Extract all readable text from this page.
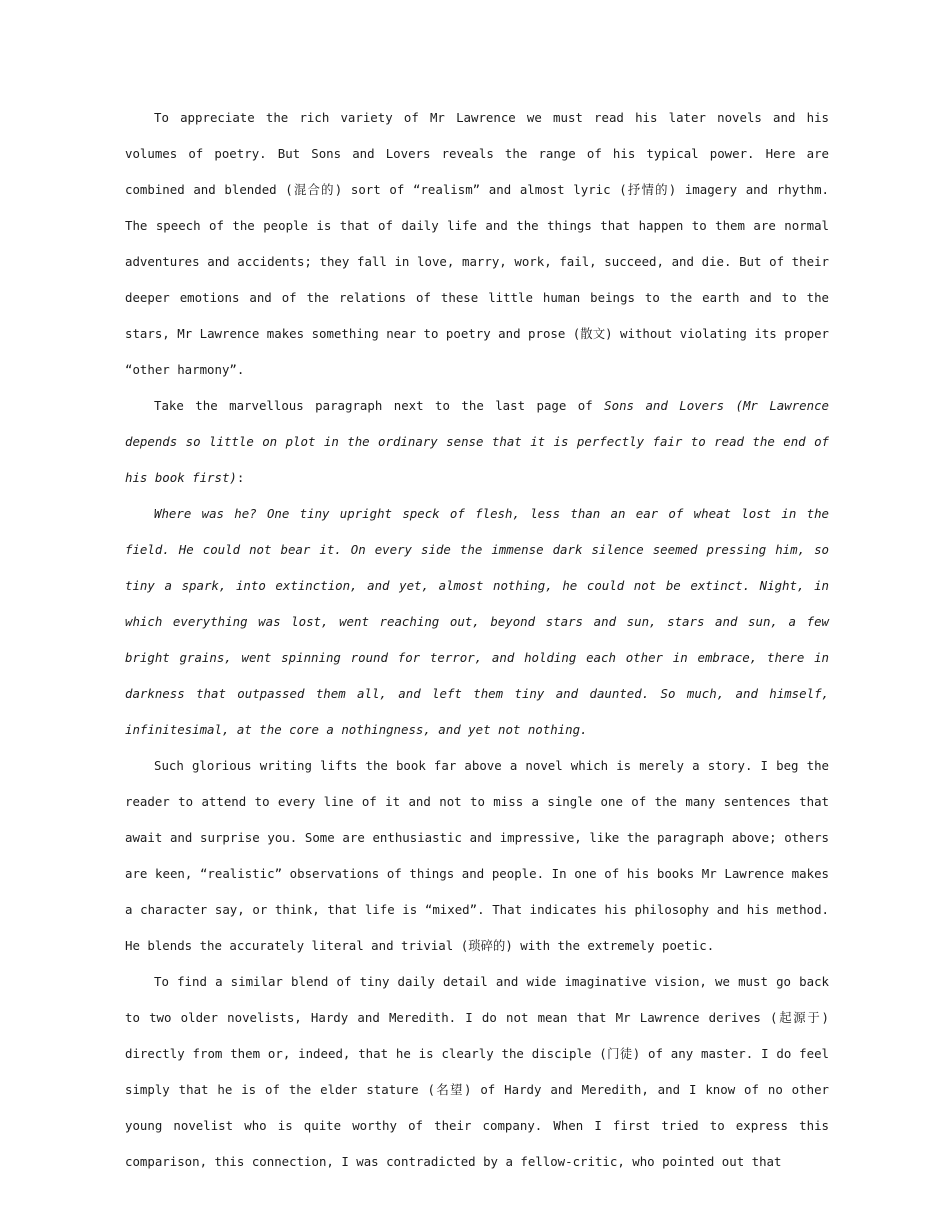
To appreciate the rich variety of Mr Lawrence we must read his later novels and his volumes of poetry. But Sons and Lovers reveals the range of his typical power. Here are combined and blended (混合的) sort of “realism” and almost lyric (抒情的) imagery and rhythm. The speech of the people is that of daily life and the things that happen to them are normal adventures and accidents; they fall in love, marry, work, fail, succeed, and die. But of their deeper emotions and of the relations of these little human beings to the earth and to the stars, Mr Lawrence makes something near to poetry and prose (散文) without violating its proper “other harmony”.

Take the marvellous paragraph next to the last page of Sons and Lovers (Mr Lawrence depends so little on plot in the ordinary sense that it is perfectly fair to read the end of his book first):

Where was he? One tiny upright speck of flesh, less than an ear of wheat lost in the field. He could not bear it. On every side the immense dark silence seemed pressing him, so tiny a spark, into extinction, and yet, almost nothing, he could not be extinct. Night, in which everything was lost, went reaching out, beyond stars and sun, stars and sun, a few bright grains, went spinning round for terror, and holding each other in embrace, there in darkness that outpassed them all, and left them tiny and daunted. So much, and himself, infinitesimal, at the core a nothingness, and yet not nothing.

Such glorious writing lifts the book far above a novel which is merely a story. I beg the reader to attend to every line of it and not to miss a single one of the many sentences that await and surprise you. Some are enthusiastic and impressive, like the paragraph above; others are keen, “realistic” observations of things and people. In one of his books Mr Lawrence makes a character say, or think, that life is “mixed”. That indicates his philosophy and his method. He blends the accurately literal and trivial (琐碎的) with the extremely poetic.

To find a similar blend of tiny daily detail and wide imaginative vision, we must go back to two older novelists, Hardy and Meredith. I do not mean that Mr Lawrence derives (起源于) directly from them or, indeed, that he is clearly the disciple (门徒) of any master. I do feel simply that he is of the elder stature (名望) of Hardy and Meredith, and I know of no other young novelist who is quite worthy of their company. When I first tried to express this comparison, this connection, I was contradicted by a fellow-critic, who pointed out that
